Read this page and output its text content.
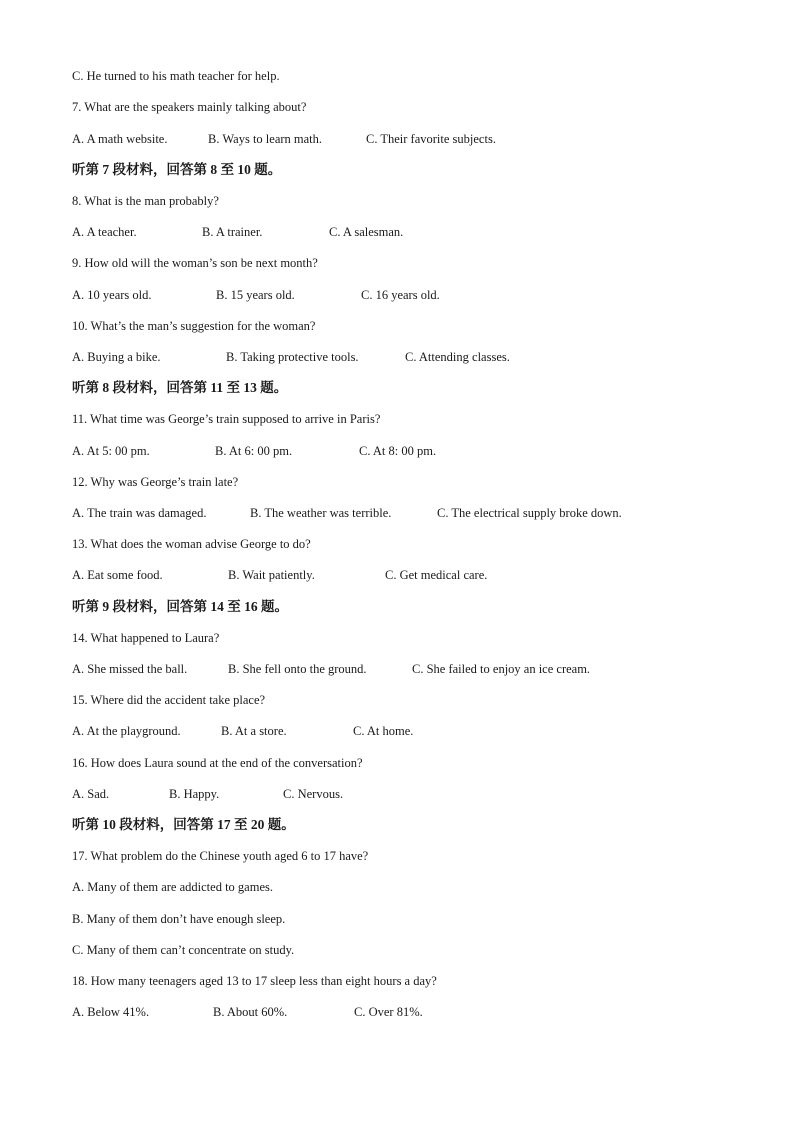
C. He turned to his math teacher for help.
7. What are the speakers mainly talking about?
A. A math website.	B. Ways to learn math.	C. Their favorite subjects.
听第 7 段材料，回答第 8 至 10 题。
8. What is the man probably?
A. A teacher.	B. A trainer.	C. A salesman.
9. How old will the woman’s son be next month?
A. 10 years old.	B. 15 years old.	C. 16 years old.
10. What’s the man’s suggestion for the woman?
A. Buying a bike.	B. Taking protective tools.	C. Attending classes.
听第 8 段材料，回答第 11 至 13 题。
11. What time was George’s train supposed to arrive in Paris?
A. At 5: 00 pm.	B. At 6: 00 pm.	C. At 8: 00 pm.
12. Why was George’s train late?
A. The train was damaged.	B. The weather was terrible.	C. The electrical supply broke down.
13. What does the woman advise George to do?
A. Eat some food.	B. Wait patiently.	C. Get medical care.
听第 9 段材料，回答第 14 至 16 题。
14. What happened to Laura?
A. She missed the ball.	B. She fell onto the ground.	C. She failed to enjoy an ice cream.
15. Where did the accident take place?
A. At the playground.	B. At a store.	C. At home.
16. How does Laura sound at the end of the conversation?
A. Sad.	B. Happy.	C. Nervous.
听第 10 段材料，回答第 17 至 20 题。
17. What problem do the Chinese youth aged 6 to 17 have?
A. Many of them are addicted to games.
B. Many of them don’t have enough sleep.
C. Many of them can’t concentrate on study.
18. How many teenagers aged 13 to 17 sleep less than eight hours a day?
A. Below 41%.	B. About 60%.	C. Over 81%.
